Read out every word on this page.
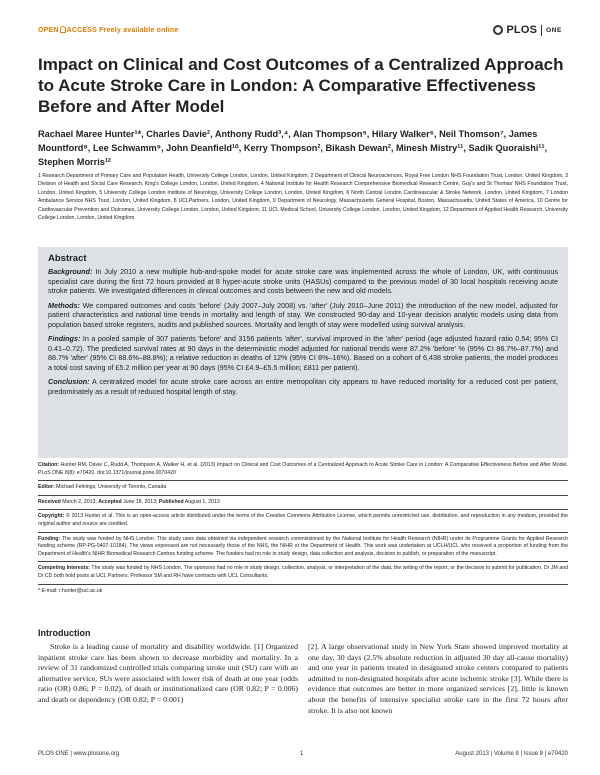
OPEN ACCESS Freely available online	PLOS ONE
Impact on Clinical and Cost Outcomes of a Centralized Approach to Acute Stroke Care in London: A Comparative Effectiveness Before and After Model

Rachael Maree Hunter¹*, Charles Davie², Anthony Rudd³,⁴, Alan Thompson⁵, Hilary Walker⁶, Neil Thomson⁷, James Mountford⁸, Lee Schwamm⁹, John Deanfield¹⁰, Kerry Thompson², Bikash Dewan², Minesh Mistry¹¹, Sadik Quoraishi¹¹, Stephen Morris¹²

1 Research Department of Primary Care and Population Health, University College London, London, United Kingdom, 2 Department of Clinical Neurosciences, Royal Free London NHS Foundation Trust, London, United Kingdom, 3 Division of Health and Social Care Research, King's College London, London, United Kingdom, 4 National Institute for Health Research Comprehensive Biomedical Research Centre, Guy's and St Thomas' NHS Foundation Trust, London, United Kingdom, 5 University College London Institute of Neurology, University College London, London, United Kingdom, 6 North Central London Cardiovascular & Stroke Network, London, United Kingdom, 7 London Ambulance Service NHS Trust, London, United Kingdom, 8 UCLPartners, London, United Kingdom, 9 Department of Neurology, Massachusetts General Hospital, Boston, Massachusetts, United States of America, 10 Centre for Cardiovascular Prevention and Outcomes, University College London, London, United Kingdom, 11 UCL Medical School, University College London, London, United Kingdom, 12 Department of Applied Health Research, University College London, London, United Kingdom

Abstract

Background: In July 2010 a new multiple hub-and-spoke model for acute stroke care was implemented across the whole of London, UK, with continuous specialist care during the first 72 hours provided at 8 hyper-acute stroke units (HASUs) compared to the previous model of 30 local hospitals receiving acute stroke patients. We investigated differences in clinical outcomes and costs between the new and old models.

Methods: We compared outcomes and costs 'before' (July 2007–July 2008) vs. 'after' (July 2010–June 2011) the introduction of the new model, adjusted for patient characteristics and national time trends in mortality and length of stay. We constructed 90-day and 10-year decision analytic models using data from population based stroke registers, audits and published sources. Mortality and length of stay were modelled using survival analysis.

Findings: In a pooled sample of 307 patients 'before' and 3156 patients 'after', survival improved in the 'after' period (age adjusted hazard ratio 0.54; 95% CI 0.41–0.72). The predicted survival rates at 90 days in the deterministic model adjusted for national trends were 87.2% 'before' % (95% CI 86.7%–87.7%) and 88.7% 'after' (95% CI 88.6%–88.8%); a relative reduction in deaths of 12% (95% CI 8%–16%). Based on a cohort of 6,438 stroke patients, the model produces a total cost saving of £5.2 million per year at 90 days (95% CI £4.9–£5.5 million; £811 per patient).

Conclusion: A centralized model for acute stroke care across an entire metropolitan city appears to have reduced mortality for a reduced cost per patient, predominately as a result of reduced hospital length of stay.

Citation: Hunter RM, Davie C, Rudd A, Thompson A, Walker H, et al. (2013) Impact on Clinical and Cost Outcomes of a Centralized Approach to Acute Stroke Care in London: A Comparative Effectiveness Before and After Model. PLoS ONE 8(8): e70420. doi:10.1371/journal.pone.0070420

Editor: Michael Fehlings, University of Toronto, Canada

Received March 2, 2013; Accepted June 18, 2013; Published August 1, 2013

Copyright: © 2013 Hunter et al. This is an open-access article distributed under the terms of the Creative Commons Attribution License, which permits unrestricted use, distribution, and reproduction in any medium, provided the original author and source are credited.

Funding: The study was funded by NHS London. This study uses data obtained via independent research commissioned by the National Institute for Health Research (NIHR) under its Programme Grants for Applied Research funding scheme (RP-PG-0407-10184). The views expressed are not necessarily those of the NHS, the NIHR or the Department of Health. This work was undertaken at UCLH/UCL who received a proportion of funding from the Department of Health's NIHR Biomedical Research Centres funding scheme. The funders had no role in study design, data collection and analysis, decision to publish, or preparation of the manuscript.

Competing Interests: The study was funded by NHS London. The sponsors had no role in study design, collection, analysis, or interpretation of the data, the writing of the report, or the decision to submit for publication. Dr JM and Dr CD both hold posts at UCL Partners. Professor SM and RH have contracts with UCL Consultants.

* E-mail: r.hunter@ucl.ac.uk

Introduction

Stroke is a leading cause of mortality and disability worldwide. [1] Organized inpatient stroke care has been shown to decrease morbidity and mortality. In a review of 31 randomized controlled trials comparing stroke unit (SU) care with an alternative service, SUs were associated with lower risk of death at one year (odds ratio (OR) 0.86; P = 0.02), of death or institutionalized care (OR 0.82; P = 0.006) and death or dependency (OR 0.82; P = 0.001)

[2]. A large observational study in New York State showed improved mortality at one day, 30 days (2.5% absolute reduction in adjusted 30 day all-cause mortality) and one year in patients treated in designated stroke centers compared to patients admitted to non-designated hospitals after acute ischemic stroke [3]. While there is evidence that outcomes are better in more organized services [2], little is known about the benefits of intensive specialist stroke care in the first 72 hours after stroke. It is also not known

PLOS ONE | www.plosone.org	1	August 2013 | Volume 8 | Issue 8 | e70420
